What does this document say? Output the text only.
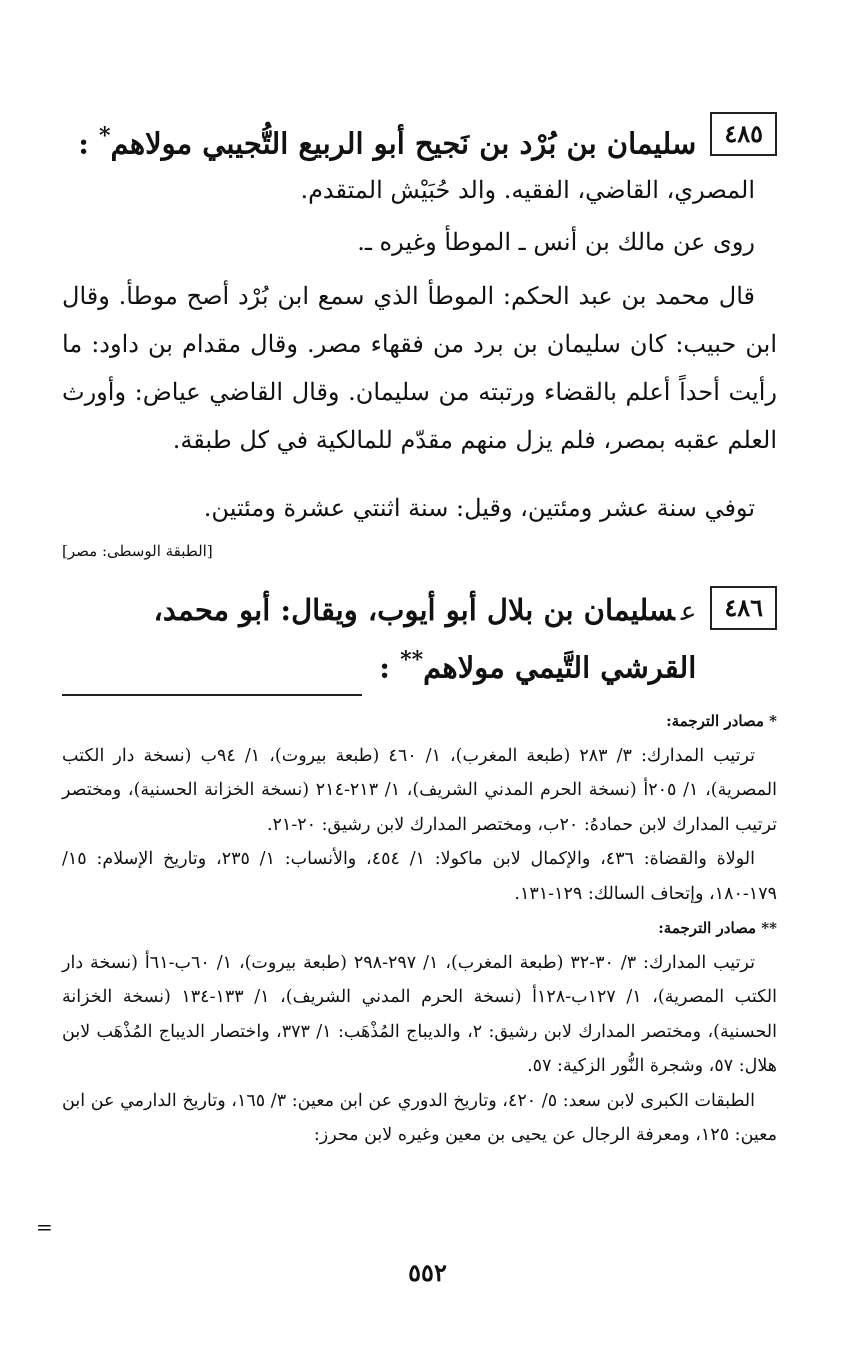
٤٨٥
سليمان بن بُرْد بن نَجيح أبو الربيع التُّجيبي مولاهم* :
المصري، القاضي، الفقيه. والد حُبَيْش المتقدم.
روى عن مالك بن أنس ـ الموطأ وغيره ـ.
قال محمد بن عبد الحكم: الموطأ الذي سمع ابن بُرْد أصح موطأ. وقال ابن حبيب: كان سليمان بن برد من فقهاء مصر. وقال مقدام بن داود: ما رأيت أحداً أعلم بالقضاء ورتبته من سليمان. وقال القاضي عياض: وأورث العلم عقبه بمصر، فلم يزل منهم مقدّم للمالكية في كل طبقة.
توفي سنة عشر ومئتين، وقيل: سنة اثنتي عشرة ومئتين.
[الطبقة الوسطى: مصر]
٤٨٦
عسليمان بن بلال أبو أيوب، ويقال: أبو محمد، القرشي التَّيمي مولاهم** :
* مصادر الترجمة:

ترتيب المدارك: ٣/ ٢٨٣ (طبعة المغرب)، ١/ ٤٦٠ (طبعة بيروت)، ١/ ٩٤ب (نسخة دار الكتب المصرية)، ١/ ٢٠٥أ (نسخة الحرم المدني الشريف)، ١/ ٢١٣-٢١٤ (نسخة الخزانة الحسنية)، ومختصر ترتيب المدارك لابن حمادهُ: ٢٠ب، ومختصر المدارك لابن رشيق: ٢٠-٢١.

الولاة والقضاة: ٤٣٦، والإكمال لابن ماكولا: ١/ ٤٥٤، والأنساب: ١/ ٢٣٥، وتاريخ الإسلام: ١٥/ ١٧٩-١٨٠، وإتحاف السالك: ١٢٩-١٣١.

** مصادر الترجمة:

ترتيب المدارك: ٣/ ٣٠-٣٢ (طبعة المغرب)، ١/ ٢٩٧-٢٩٨ (طبعة بيروت)، ١/ ٦٠ب-٦١أ (نسخة دار الكتب المصرية)، ١/ ١٢٧ب-١٢٨أ (نسخة الحرم المدني الشريف)، ١/ ١٣٣-١٣٤ (نسخة الخزانة الحسنية)، ومختصر المدارك لابن رشيق: ٢، والديباج المُذْهَب: ١/ ٣٧٣، واختصار الديباج المُذْهَب لابن هلال: ٥٧، وشجرة النُّور الزكية: ٥٧.

الطبقات الكبرى لابن سعد: ٥/ ٤٢٠، وتاريخ الدوري عن ابن معين: ٣/ ١٦٥، وتاريخ الدارمي عن ابن معين: ١٢٥، ومعرفة الرجال عن يحيى بن معين وغيره لابن محرز:

=
٥٥٢
